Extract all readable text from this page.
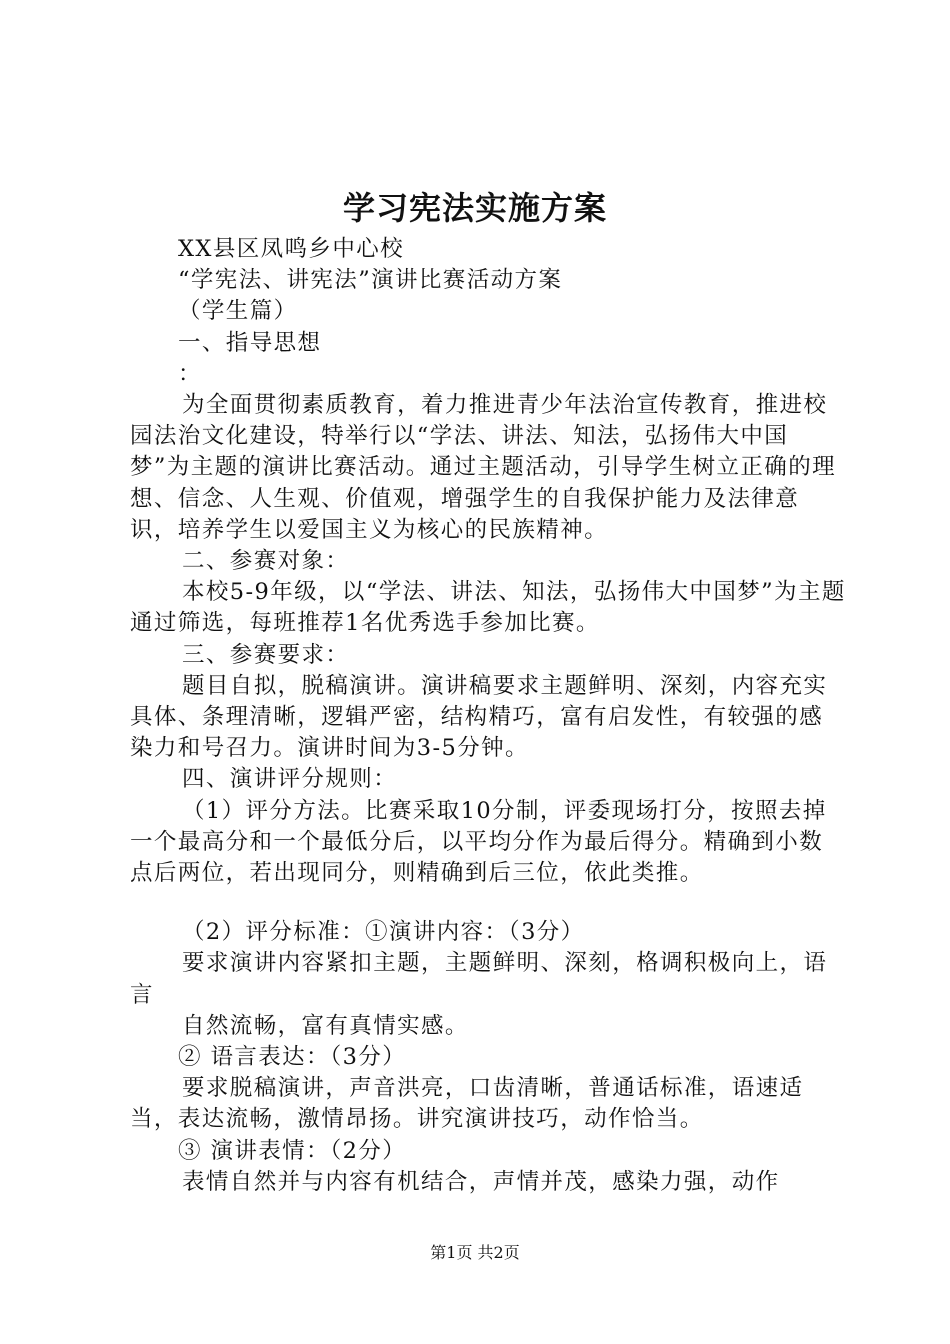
学习宪法实施方案

XX县区凤鸣乡中心校

“学宪法、讲宪法”演讲比赛活动方案

（学生篇）

一、指导思想

：

为全面贯彻素质教育，着力推进青少年法治宣传教育，推进校园法治文化建设，特举行以“学法、讲法、知法，弘扬伟大中国梦”为主题的演讲比赛活动。通过主题活动，引导学生树立正确的理想、信念、人生观、价值观，增强学生的自我保护能力及法律意识，培养学生以爱国主义为核心的民族精神。

二、参赛对象：

本校5-9年级，以“学法、讲法、知法，弘扬伟大中国梦”为主题通过筛选，每班推荐1名优秀选手参加比赛。

三、参赛要求：

题目自拟，脱稿演讲。演讲稿要求主题鲜明、深刻，内容充实具体、条理清晰，逻辑严密，结构精巧，富有启发性，有较强的感染力和号召力。演讲时间为3-5分钟。

四、演讲评分规则：

（1）评分方法。比赛采取10分制，评委现场打分，按照去掉一个最高分和一个最低分后，以平均分作为最后得分。精确到小数点后两位，若出现同分，则精确到后三位，依此类推。

（2）评分标准：①演讲内容：（3分）

要求演讲内容紧扣主题，主题鲜明、深刻，格调积极向上，语言

自然流畅，富有真情实感。

② 语言表达：（3分）

要求脱稿演讲，声音洪亮，口齿清晰，普通话标准，语速适当，表达流畅，激情昂扬。讲究演讲技巧，动作恰当。

③ 演讲表情：（2分）

表情自然并与内容有机结合，声情并茂，感染力强，动作

第1页 共2页
